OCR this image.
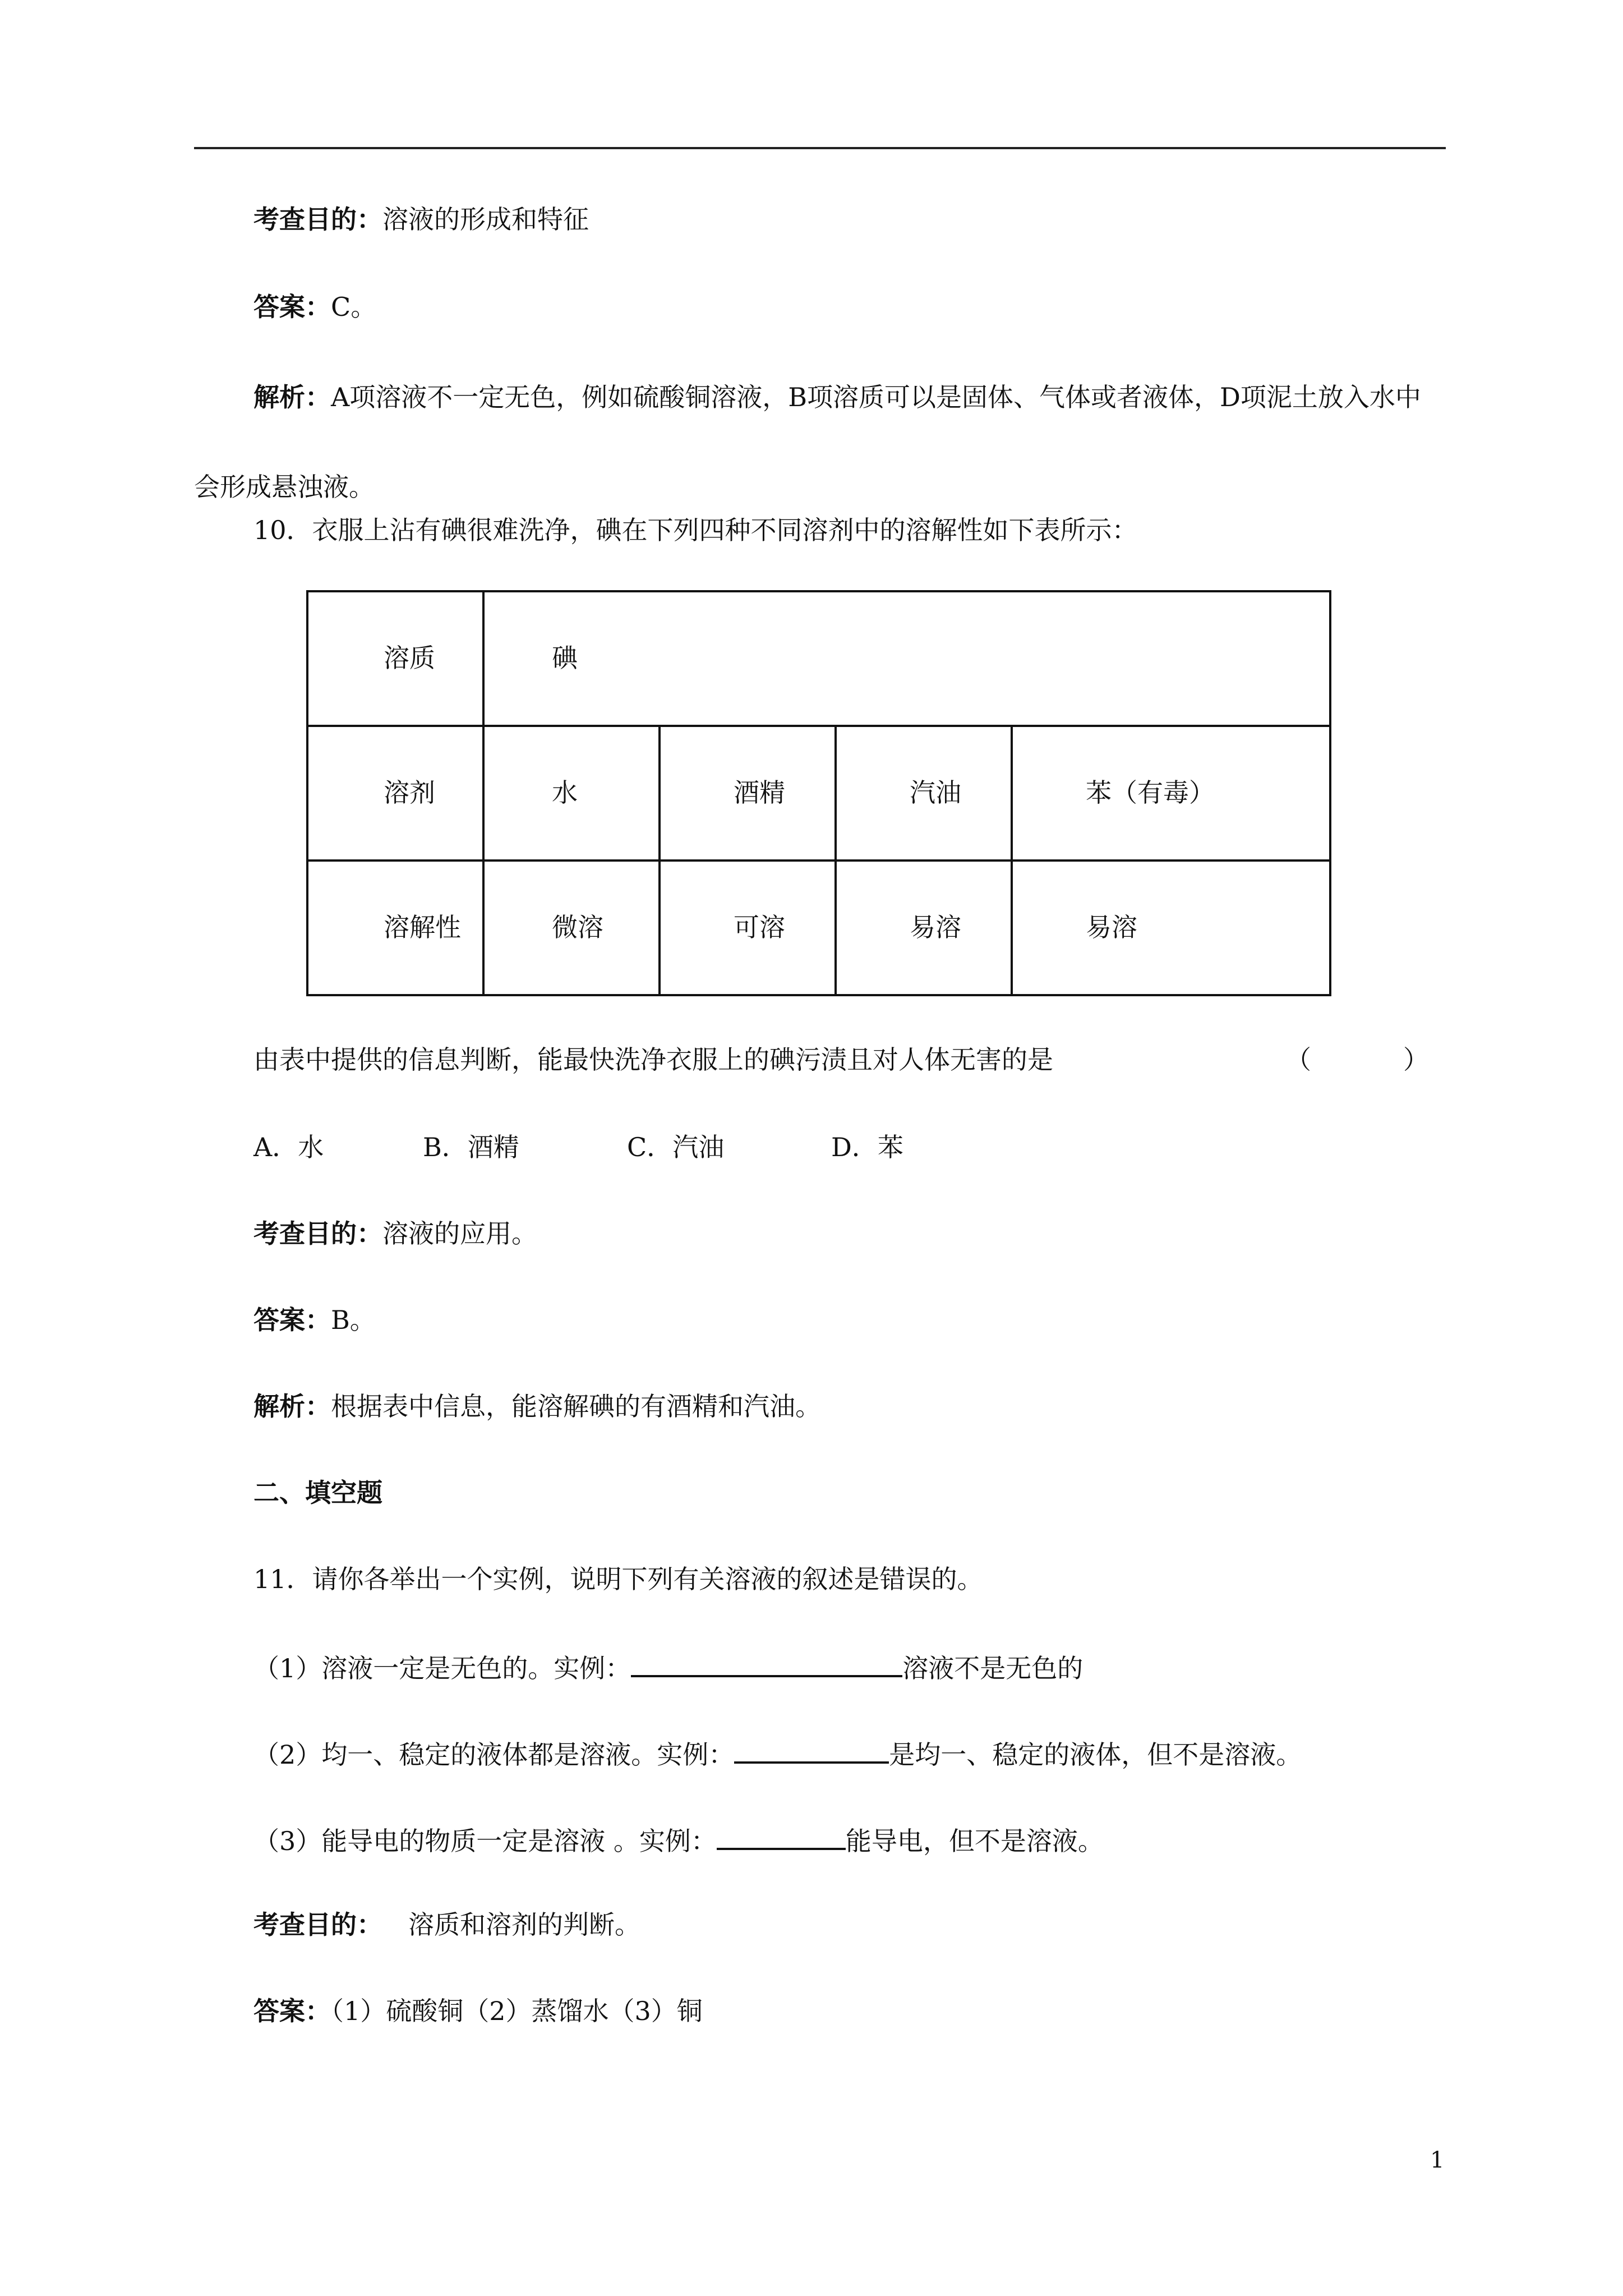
考查目的：溶液的形成和特征
答案：C。
解析：A项溶液不一定无色，例如硫酸铜溶液，B项溶质可以是固体、气体或者液体，D项泥土放入水中会形成悬浊液。
10．衣服上沾有碘很难洗净，碘在下列四种不同溶剂中的溶解性如下表所示：
溶质	碘			
溶剂	水	酒精	汽油	苯（有毒）
溶解性	微溶	可溶	易溶	易溶
由表中提供的信息判断，能最快洗净衣服上的碘污渍且对人体无害的是	（	）
A．水	B．酒精	C．汽油	D．苯
考查目的：溶液的应用。
答案：B。
解析：根据表中信息，能溶解碘的有酒精和汽油。
二、填空题
11．请你各举出一个实例，说明下列有关溶液的叙述是错误的。
（1）溶液一定是无色的。实例：	溶液不是无色的
（2）均一、稳定的液体都是溶液。实例：	是均一、稳定的液体，但不是溶液。
（3）能导电的物质一定是溶液 。实例：	能导电，但不是溶液。
考查目的： 溶质和溶剂的判断。
答案：（1）硫酸铜（2）蒸馏水（3）铜
1
